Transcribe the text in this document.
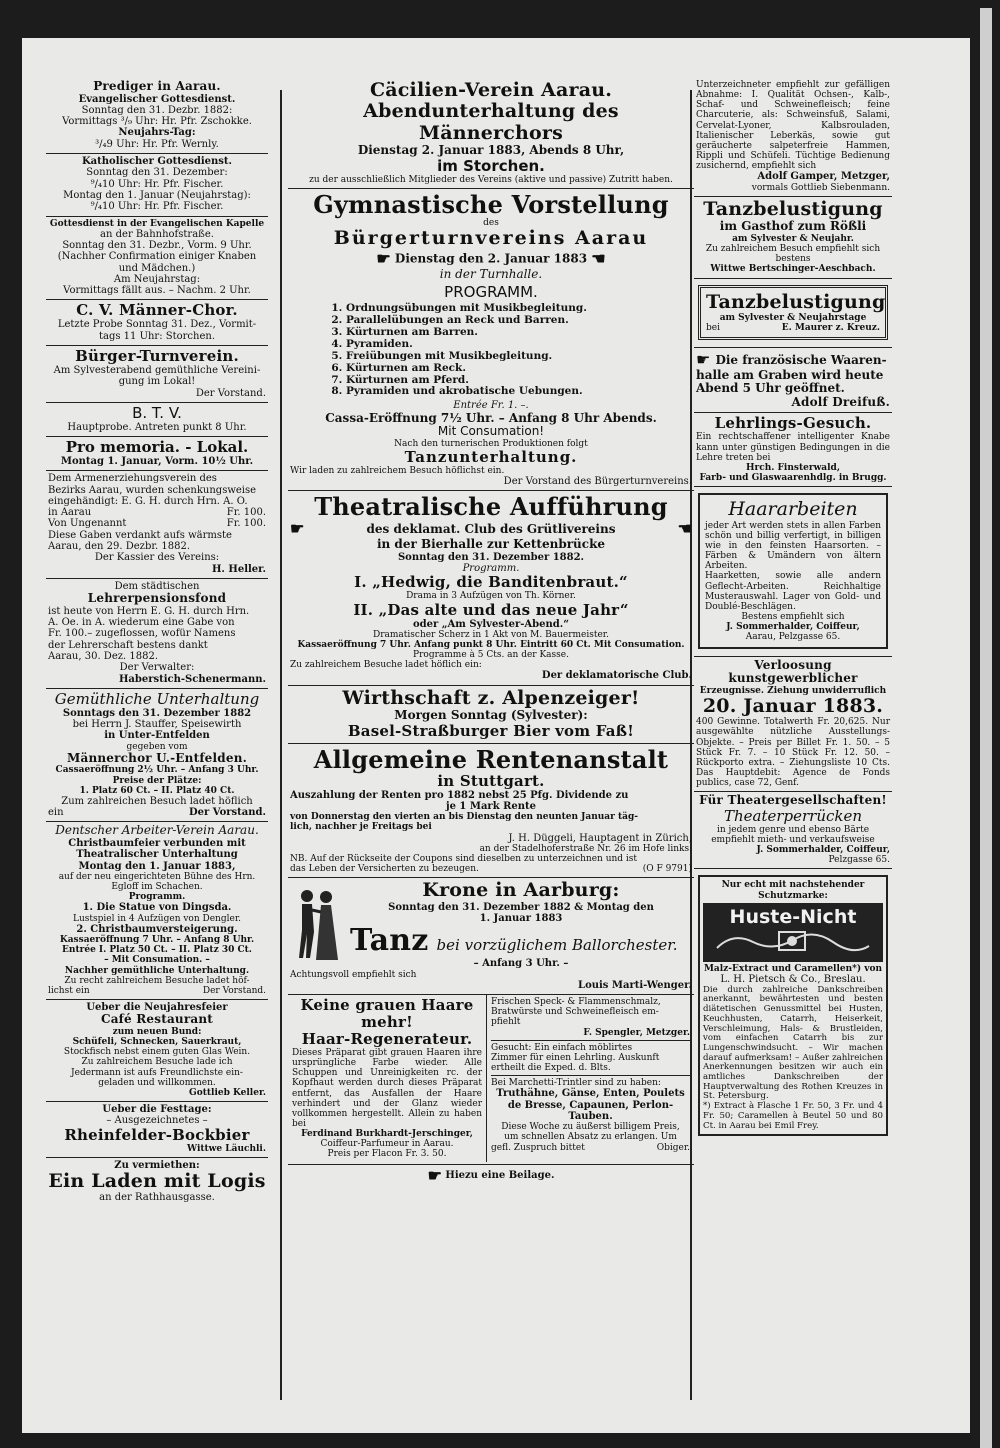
Prediger in Aarau.
Evangelischer Gottesdienst.
Sonntag den 31. Dezbr. 1882:
Vormittags ³/₉ Uhr: Hr. Pfr. Zschokke.
Neujahrs-Tag:
³/₄9 Uhr: Hr. Pfr. Wernly.
Katholischer Gottesdienst.
Sonntag den 31. Dezember:
⁹/₄10 Uhr: Hr. Pfr. Fischer.
Montag den 1. Januar (Neujahrstag):
⁹/₄10 Uhr: Hr. Pfr. Fischer.
Gottesdienst in der Evangelischen Kapelle
an der Bahnhofstraße.
Sonntag den 31. Dezbr., Vorm. 9 Uhr.
(Nachher Confirmation einiger Knaben
und Mädchen.)
Am Neujahrstag:
Vormittags fällt aus. – Nachm. 2 Uhr.
C. V. Männer-Chor.
Letzte Probe Sonntag 31. Dez., Vormit-
tags 11 Uhr: Storchen.
Bürger-Turnverein.
Am Sylvesterabend gemüthliche Vereini-
gung im Lokal!
Der Vorstand.
B. T. V.
Hauptprobe. Antreten punkt 8 Uhr.
Pro memoria. - Lokal.
Montag 1. Januar, Vorm. 10½ Uhr.
Dem Armenerziehungsverein des
Bezirks Aarau, wurden schenkungsweise
eingehändigt: E. G. H. durch Hrn. A. O.
in Aarau	Fr. 100.
Von Ungenannt	Fr. 100.
Diese Gaben verdankt aufs wärmste
Aarau, den 29. Dezbr. 1882.
Der Kassier des Vereins:
H. Heller.
Dem städtischen
Lehrerpensionsfond
ist heute von Herrn E. G. H. durch Hrn.
A. Oe. in A. wiederum eine Gabe von
Fr. 100.– zugeflossen, wofür Namens
der Lehrerschaft bestens dankt
Aarau, 30. Dez. 1882.
Der Verwalter:
Haberstich-Schenermann.
Gemüthliche Unterhaltung
Sonntags den 31. Dezember 1882
bei Herrn J. Stauffer, Speisewirth
in Unter-Entfelden
gegeben vom
Männerchor U.-Entfelden.
Cassaeröffnung 2½ Uhr. – Anfang 3 Uhr.
Preise der Plätze:
1. Platz 60 Ct. – II. Platz 40 Ct.
Zum zahlreichen Besuch ladet höflich
ein	Der Vorstand.
Dentscher Arbeiter-Verein Aarau.
Christbaumfeier verbunden mit
Theatralischer Unterhaltung
Montag den 1. Januar 1883,
auf der neu eingerichteten Bühne des Hrn.
Egloff im Schachen.
Programm.
1. Die Statue von Dingsda.
Lustspiel in 4 Aufzügen von Dengler.
2. Christbaumversteigerung.
Kassaeröffnung 7 Uhr. – Anfang 8 Uhr.
Entrée I. Platz 50 Ct. – II. Platz 30 Ct.
– Mit Consumation. –
Nachher gemüthliche Unterhaltung.
Zu recht zahlreichem Besuche ladet höf-
lichst ein	Der Vorstand.
Ueber die Neujahresfeier
Café Restaurant
zum neuen Bund:
Schüfeli, Schnecken, Sauerkraut,
Stockfisch nebst einem guten Glas Wein.
Zu zahlreichem Besuche lade ich
Jedermann ist aufs Freundlichste ein-
geladen und willkommen.
Gottlieb Keller.
Ueber die Festtage:
– Ausgezeichnetes –
Rheinfelder-Bockbier
Wittwe Läuchli.
Zu vermiethen:
Ein Laden mit Logis
an der Rathhausgasse.
Cäcilien-Verein Aarau.
Abendunterhaltung des Männerchors
Dienstag 2. Januar 1883, Abends 8 Uhr,
im Storchen.
zu der ausschließlich Mitglieder des Vereins (aktive und passive) Zutritt haben.
Gymnastische Vorstellung
des
Bürgerturnvereins Aarau
☛ Dienstag den 2. Januar 1883 ☚
in der Turnhalle.
PROGRAMM.
1. Ordnungsübungen mit Musikbegleitung.
2. Parallelübungen an Reck und Barren.
3. Kürturnen am Barren.
4. Pyramiden.
5. Freiübungen mit Musikbegleitung.
6. Kürturnen am Reck.
7. Kürturnen am Pferd.
8. Pyramiden und akrobatische Uebungen.
Entrée Fr. 1. –.
Cassa-Eröffnung 7½ Uhr. – Anfang 8 Uhr Abends.
Mit Consumation!
Nach den turnerischen Produktionen folgt
Tanzunterhaltung.
Wir laden zu zahlreichem Besuch höflichst ein.
Der Vorstand des Bürgerturnvereins.
Theatralische Aufführung
☛	des deklamat. Club des Grütlivereins	☚
in der Bierhalle zur Kettenbrücke
Sonntag den 31. Dezember 1882.
Programm.
I. „Hedwig, die Banditenbraut.“
Drama in 3 Aufzügen von Th. Körner.
II. „Das alte und das neue Jahr“
oder „Am Sylvester-Abend.“
Dramatischer Scherz in 1 Akt von M. Bauermeister.
Kassaeröffnung 7 Uhr. Anfang punkt 8 Uhr. Eintritt 60 Ct. Mit Consumation.
Programme à 5 Cts. an der Kasse.
Zu zahlreichem Besuche ladet höflich ein:
Der deklamatorische Club.
Wirthschaft z. Alpenzeiger!
Morgen Sonntag (Sylvester):
Basel-Straßburger Bier vom Faß!
Allgemeine Rentenanstalt
in Stuttgart.
Auszahlung der Renten pro 1882 nebst 25 Pfg. Dividende zu
je 1 Mark Rente
von Donnerstag den vierten an bis Dienstag den neunten Januar täg-
lich, nachher je Freitags bei
J. H. Düggeli, Hauptagent in Zürich,
an der Stadelhoferstraße Nr. 26 im Hofe links.
NB. Auf der Rückseite der Coupons sind dieselben zu unterzeichnen und ist
das Leben der Versicherten zu bezeugen.	(O F 9791)
Krone in Aarburg:
Sonntag den 31. Dezember 1882 & Montag den
1. Januar 1883
Tanz bei vorzüglichem Ballorchester.
– Anfang 3 Uhr. –
Achtungsvoll empfiehlt sich
Louis Marti-Wenger.
Keine grauen Haare mehr!
Haar-Regenerateur.
Dieses Präparat gibt grauen Haaren ihre ursprüngliche Farbe wieder. Alle Schuppen und Unreinigkeiten rc. der Kopfhaut werden durch dieses Präparat entfernt, das Ausfallen der Haare verhindert und der Glanz wieder vollkommen hergestellt. Allein zu haben bei
Ferdinand Burkhardt-Jerschinger,
Coiffeur-Parfumeur in Aarau.
Preis per Flacon Fr. 3. 50.
Frischen Speck- & Flammenschmalz,
Bratwürste und Schweinefleisch em-
pfiehlt
F. Spengler, Metzger.
Gesucht: Ein einfach möblirtes
Zimmer für einen Lehrling. Auskunft
ertheilt die Exped. d. Blts.
Bei Marchetti-Trintler sind zu haben:
Truthähne, Gänse, Enten, Poulets
de Bresse, Capaunen, Perlon-
Tauben.
Diese Woche zu äußerst billigem Preis,
um schnellen Absatz zu erlangen. Um
gefl. Zuspruch bittet	Obiger.
☛ Hiezu eine Beilage.
Unterzeichneter empfiehlt zur gefälligen Abnahme: I. Qualität Ochsen-, Kalb-, Schaf- und Schweinefleisch; feine Charcuterie, als: Schweinsfuß, Salami, Cervelat-Lyoner, Kalbsrouladen, Italienischer Leberkäs, sowie gut geräucherte salpeterfreie Hammen, Rippli und Schüfeli. Tüchtige Bedienung zusichernd, empfiehlt sich
Adolf Gamper, Metzger,
vormals Gottlieb Siebenmann.
Tanzbelustigung
im Gasthof zum Rößli
am Sylvester & Neujahr.
Zu zahlreichem Besuch empfiehlt sich bestens
Wittwe Bertschinger-Aeschbach.
Tanzbelustigung
am Sylvester & Neujahrstage
bei	E. Maurer z. Kreuz.
☛ Die französische Waaren-
halle am Graben wird heute
Abend 5 Uhr geöffnet.
Adolf Dreifuß.
Lehrlings-Gesuch.
Ein rechtschaffener intelligenter Knabe kann unter günstigen Bedingungen in die Lehre treten bei
Hrch. Finsterwald,
Farb- und Glaswaarenhdlg. in Brugg.
Haararbeiten
jeder Art werden stets in allen Farben schön und billig verfertigt, in billigen wie in den feinsten Haarsorten. – Färben & Umändern von ältern Arbeiten.
Haarketten, sowie alle andern Geflecht-Arbeiten. Reichhaltige Musterauswahl. Lager von Gold- und Doublé-Beschlägen.
Bestens empfiehlt sich
J. Sommerhalder, Coiffeur,
Aarau, Pelzgasse 65.
Verloosung kunstgewerblicher
Erzeugnisse. Ziehung unwiderruflich
20. Januar 1883.
400 Gewinne. Totalwerth Fr. 20,625. Nur ausgewählte nützliche Ausstellungs-Objekte. – Preis per Billet Fr. 1. 50. – 5 Stück Fr. 7. – 10 Stück Fr. 12. 50. – Rückporto extra. – Ziehungsliste 10 Cts. Das Hauptdebit: Agence de Fonds publics, case 72, Genf.
Für Theatergesellschaften!
Theaterperrücken
in jedem genre und ebenso Bärte empfiehlt mieth- und verkaufsweise
J. Sommerhalder, Coiffeur,
Pelzgasse 65.
Nur echt mit nachstehender Schutzmarke:
Huste-Nicht
Malz-Extract und Caramellen*) von
L. H. Pietsch & Co., Breslau.
Die durch zahlreiche Dankschreiben anerkannt, bewährtesten und besten diätetischen Genussmittel bei Husten, Keuchhusten, Catarrh, Heiserkeit, Verschleimung, Hals- & Brustleiden, vom einfachen Catarrh bis zur Lungenschwindsucht. – Wir machen darauf aufmerksam! – Außer zahlreichen Anerkennungen besitzen wir auch ein amtliches Dankschreiben der Hauptverwaltung des Rothen Kreuzes in St. Petersburg.
*) Extract à Flasche 1 Fr. 50, 3 Fr. und 4 Fr. 50; Caramellen à Beutel 50 und 80 Ct. in Aarau bei Emil Frey.
